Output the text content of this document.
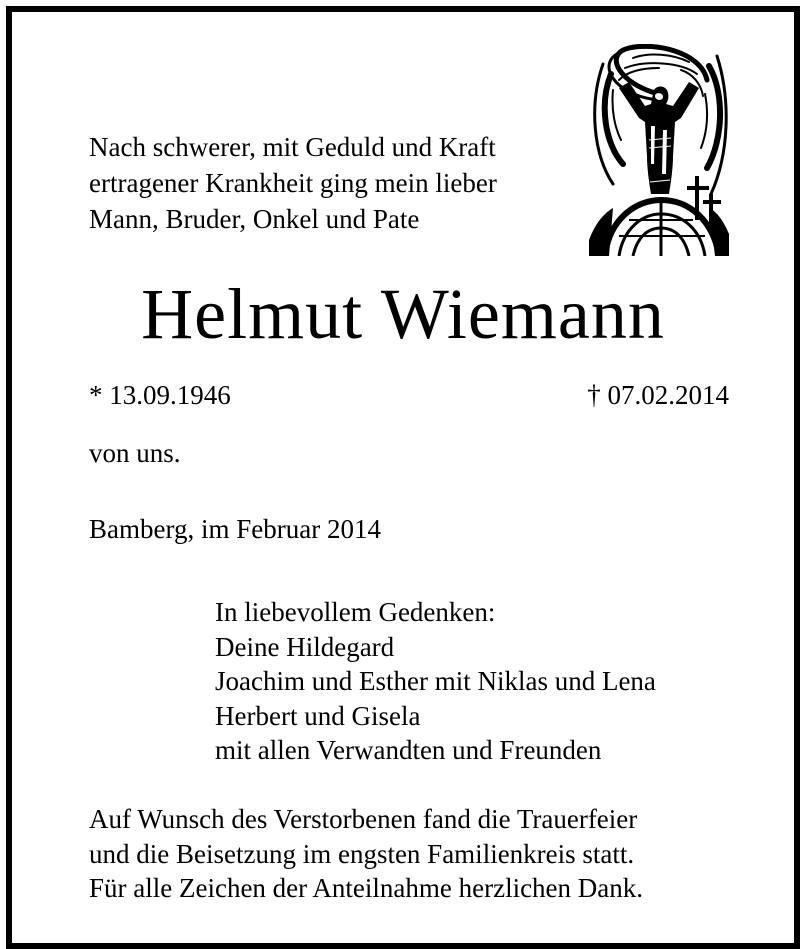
Nach schwerer, mit Geduld und Kraft
ertragener Krankheit ging mein lieber
Mann, Bruder, Onkel und Pate
Helmut Wiemann
* 13.09.1946	† 07.02.2014
von uns.
Bamberg, im Februar 2014
In liebevollem Gedenken:
Deine Hildegard
Joachim und Esther mit Niklas und Lena
Herbert und Gisela
mit allen Verwandten und Freunden
Auf Wunsch des Verstorbenen fand die Trauerfeier
und die Beisetzung im engsten Familienkreis statt.
Für alle Zeichen der Anteilnahme herzlichen Dank.
